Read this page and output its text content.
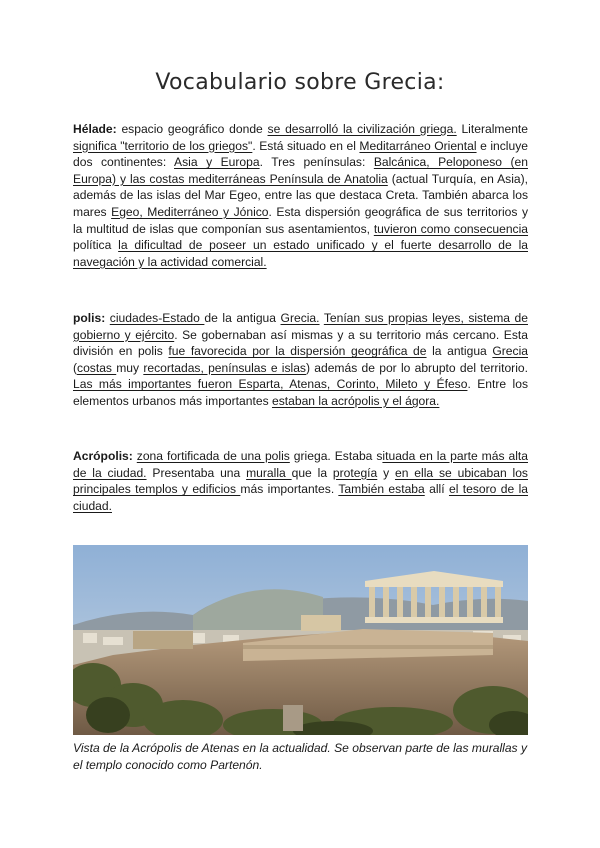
Vocabulario sobre Grecia:
Hélade: espacio geográfico donde se desarrolló la civilización griega. Literalmente significa "territorio de los griegos". Está situado en el Meditarráneo Oriental e incluye dos continentes: Asia y Europa. Tres penínsulas: Balcánica, Peloponeso (en Europa) y las costas mediterráneas Península de Anatolia (actual Turquía, en Asia), además de las islas del Mar Egeo, entre las que destaca Creta. También abarca los mares Egeo, Mediterráneo y Jónico. Esta dispersión geográfica de sus territorios y la multitud de islas que componían sus asentamientos, tuvieron como consecuencia política la dificultad de poseer un estado unificado y el fuerte desarrollo de la navegación y la actividad comercial.
polis: ciudades-Estado de la antigua Grecia. Tenían sus propias leyes, sistema de gobierno y ejército. Se gobernaban así mismas y a su territorio más cercano. Esta división en polis fue favorecida por la dispersión geográfica de la antigua Grecia (costas muy recortadas, penínsulas e islas) además de por lo abrupto del territorio. Las más importantes fueron Esparta, Atenas, Corinto, Mileto y Éfeso. Entre los elementos urbanos más importantes estaban la acrópolis y el ágora.
Acrópolis: zona fortificada de una polis griega. Estaba situada en la parte más alta de la ciudad. Presentaba una muralla que la protegía y en ella se ubicaban los principales templos y edificios más importantes. También estaba allí el tesoro de la ciudad.
Vista de la Acrópolis de Atenas en la actualidad. Se observan parte de las murallas y el templo conocido como Partenón.
